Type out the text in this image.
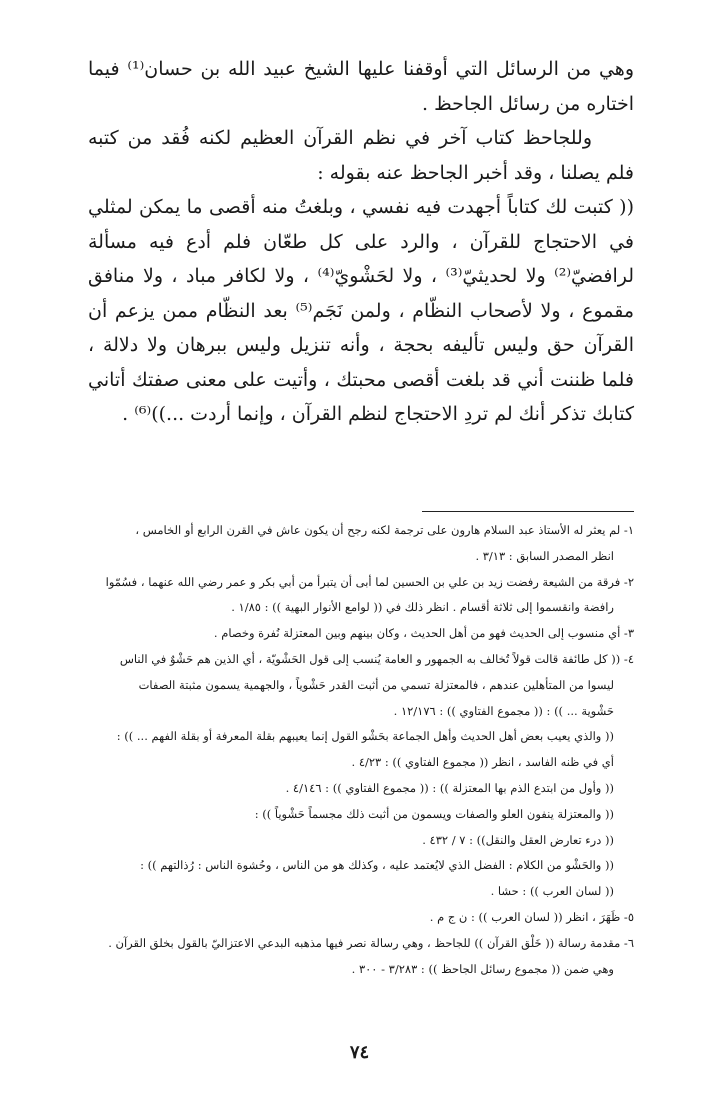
وهي من الرسائل التي أوقفنا عليها الشيخ عبيد الله بن حسان⁽¹⁾ فيما اختاره من رسائل الجاحظ .

وللجاحظ كتاب آخر في نظم القرآن العظيم لكنه فُقد من كتبه فلم يصلنا ، وقد أخبر الجاحظ عنه بقوله :

(( كتبت لك كتاباً أجهدت فيه نفسي ، وبلغتُ منه أقصى ما يمكن لمثلي في الاحتجاج للقرآن ، والرد على كل طعّان فلم أدع فيه مسألة لرافضيّ⁽²⁾ ولا لحديثيّ⁽³⁾ ، ولا لحَشْويّ⁽⁴⁾ ، ولا لكافر مباد ، ولا منافق مقموع ، ولا لأصحاب النظّام ، ولمن نَجَم⁽⁵⁾ بعد النظّام ممن يزعم أن القرآن حق وليس تأليفه بحجة ، وأنه تنزيل وليس ببرهان ولا دلالة ، فلما ظننت أني قد بلغت أقصى محبتك ، وأتيت على معنى صفتك أتاني كتابك تذكر أنك لم تردِ الاحتجاج لنظم القرآن ، وإنما أردت ...))⁽⁶⁾ .

١- لم يعثر له الأستاذ عبد السلام هارون على ترجمة لكنه رجح أن يكون عاش في القرن الرابع أو الخامس ،

انظر المصدر السابق : ٣/١٣ .

٢- فرقة من الشيعة رفضت زيد بن علي بن الحسين لما أبى أن يتبرأ من أبي بكر و عمر رضي الله عنهما ، فسُمّوا

رافضة وانقسموا إلى ثلاثة أقسام . انظر ذلك في (( لوامع الأنوار البهية )) : ١/٨٥ .

٣- أي منسوب إلى الحديث فهو من أهل الحديث ، وكان بينهم وبين المعتزلة نُفرة وخصام .

٤- (( كل طائفة قالت قولاً تُخالف به الجمهور و العامة يُنسب إلى قول الحَشْويّة ، أي الذين هم حَشْوٌ في الناس

ليسوا من المتأهلين عندهم ، فالمعتزلة تسمي من أثبت القدر حَشْوياً ، والجهمية يسمون مثبتة الصفات

حَشْوية ... )) : (( مجموع الفتاوي )) : ١٢/١٧٦ .

(( والذي يعيب بعض أهل الحديث وأهل الجماعة بحَشْو القول إنما يعيبهم بقلة المعرفة أو بقلة الفهم ... )) :

أي في ظنه الفاسد ، انظر (( مجموع الفتاوي )) : ٤/٢٣ .

(( وأول من ابتدع الذم بها المعتزلة )) : (( مجموع الفتاوي )) : ٤/١٤٦ .

(( والمعتزلة ينفون العلو والصفات ويسمون من أثبت ذلك مجسماً حَشْوياً )) :

(( درء تعارض العقل والنقل)) : ٧ / ٤٣٢ .

(( والحَشْو من الكلام : الفضل الذي لايُعتمد عليه ، وكذلك هو من الناس ، وحُشوة الناس : رُذالتهم )) :

(( لسان العرب )) : حشا .

٥- ظَهَرَ ، انظر (( لسان العرب )) : ن ج م .

٦- مقدمة رسالة (( خَلْق القرآن )) للجاحظ ، وهي رسالة نصر فيها مذهبه البدعي الاعتزاليّ بالقول بخلق القرآن .

وهي ضمن (( مجموع رسائل الجاحظ )) : ٣/٢٨٣ - ٣٠٠ .

٧٤
